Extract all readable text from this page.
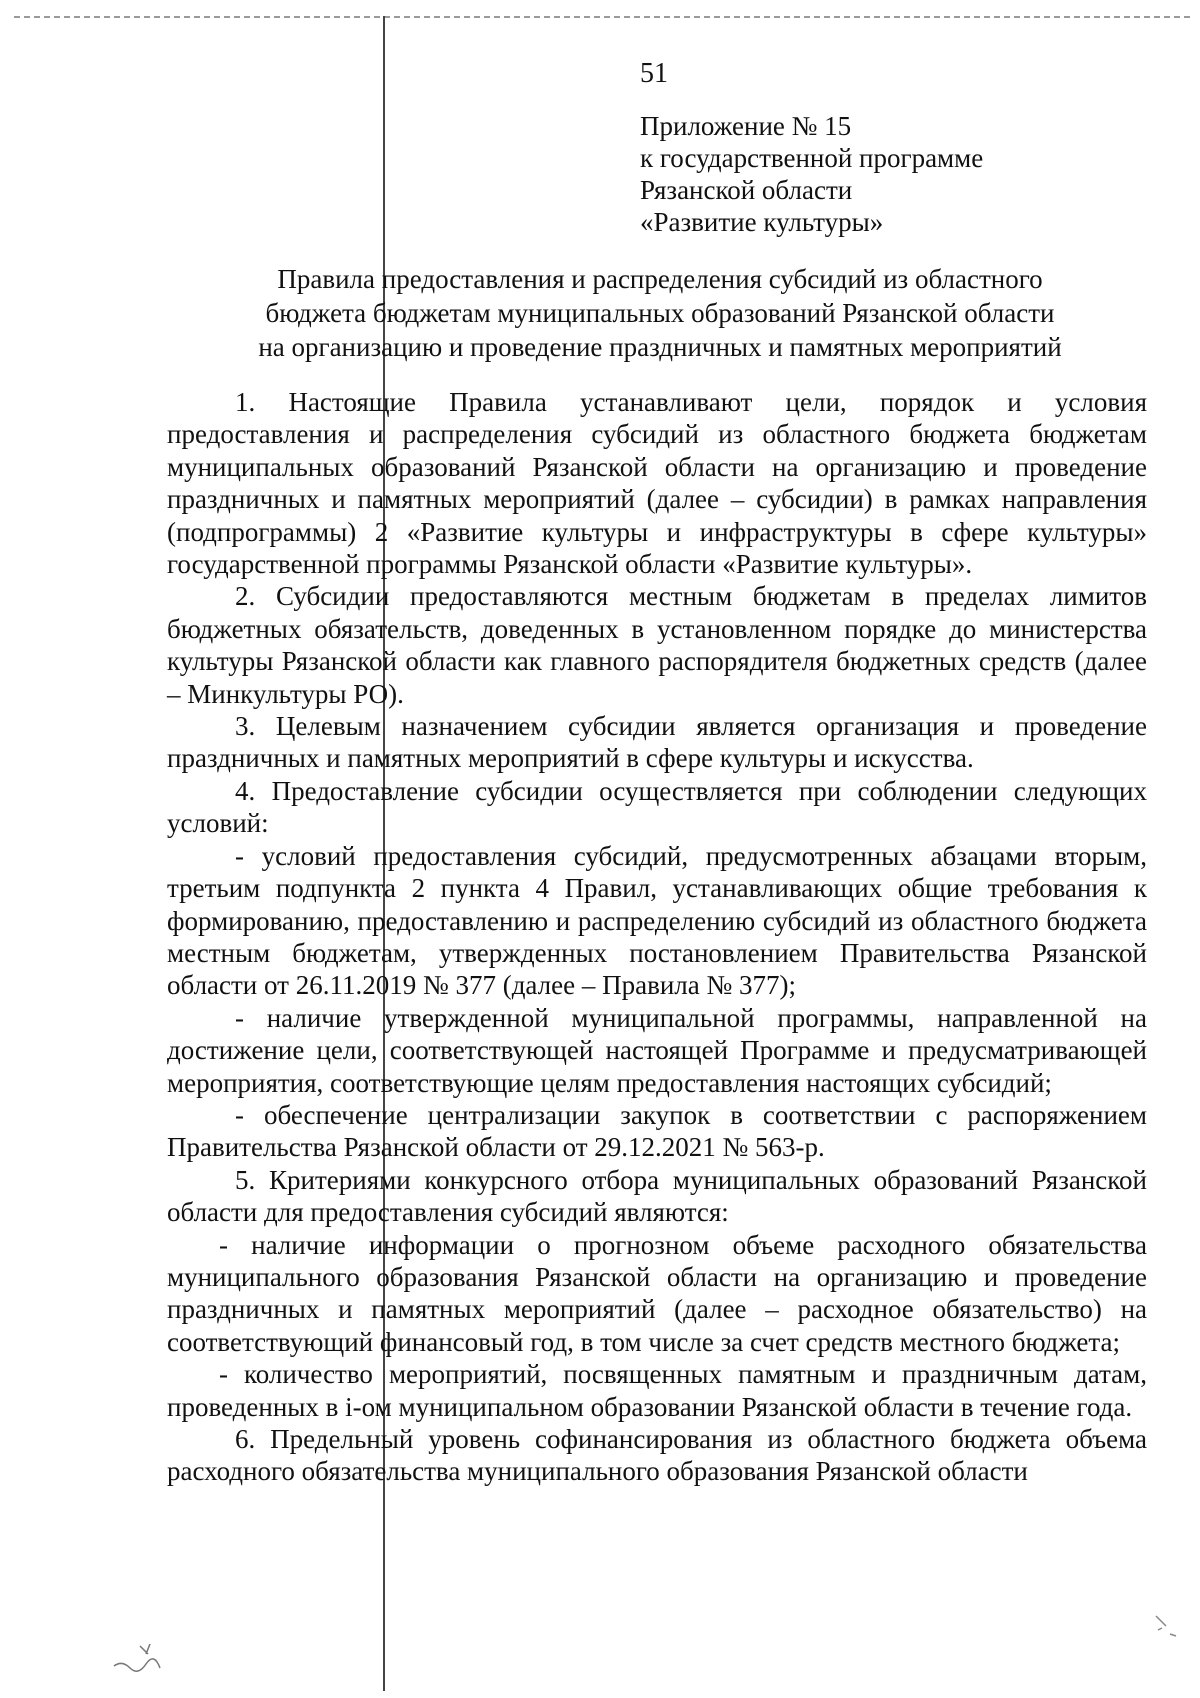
51
Приложение № 15
к государственной программе
Рязанской области
«Развитие культуры»
Правила предоставления и распределения субсидий из областного
бюджета бюджетам муниципальных образований Рязанской области
на организацию и проведение праздничных и памятных мероприятий

1. Настоящие Правила устанавливают цели, порядок и условия предоставления и распределения субсидий из областного бюджета бюджетам муниципальных образований Рязанской области на организацию и проведение праздничных и памятных мероприятий (далее – субсидии) в рамках направления (подпрограммы) 2 «Развитие культуры и инфраструктуры в сфере культуры» государственной программы Рязанской области «Развитие культуры».

2. Субсидии предоставляются местным бюджетам в пределах лимитов бюджетных обязательств, доведенных в установленном порядке до министерства культуры Рязанской области как главного распорядителя бюджетных средств (далее – Минкультуры РО).

3. Целевым назначением субсидии является организация и проведение праздничных и памятных мероприятий в сфере культуры и искусства.

4. Предоставление субсидии осуществляется при соблюдении следующих условий:

- условий предоставления субсидий, предусмотренных абзацами вторым, третьим подпункта 2 пункта 4 Правил, устанавливающих общие требования к формированию, предоставлению и распределению субсидий из областного бюджета местным бюджетам, утвержденных постановлением Правительства Рязанской области от 26.11.2019 № 377 (далее – Правила № 377);

- наличие утвержденной муниципальной программы, направленной на достижение цели, соответствующей настоящей Программе и предусматривающей мероприятия, соответствующие целям предоставления настоящих субсидий;

- обеспечение централизации закупок в соответствии с распоряжением Правительства Рязанской области от 29.12.2021 № 563-р.

5. Критериями конкурсного отбора муниципальных образований Рязанской области для предоставления субсидий являются:

- наличие информации о прогнозном объеме расходного обязательства муниципального образования Рязанской области на организацию и проведение праздничных и памятных мероприятий (далее – расходное обязательство) на соответствующий финансовый год, в том числе за счет средств местного бюджета;

- количество мероприятий, посвященных памятным и праздничным датам, проведенных в i-ом муниципальном образовании Рязанской области в течение года.

6. Предельный уровень софинансирования из областного бюджета объема расходного обязательства муниципального образования Рязанской области
